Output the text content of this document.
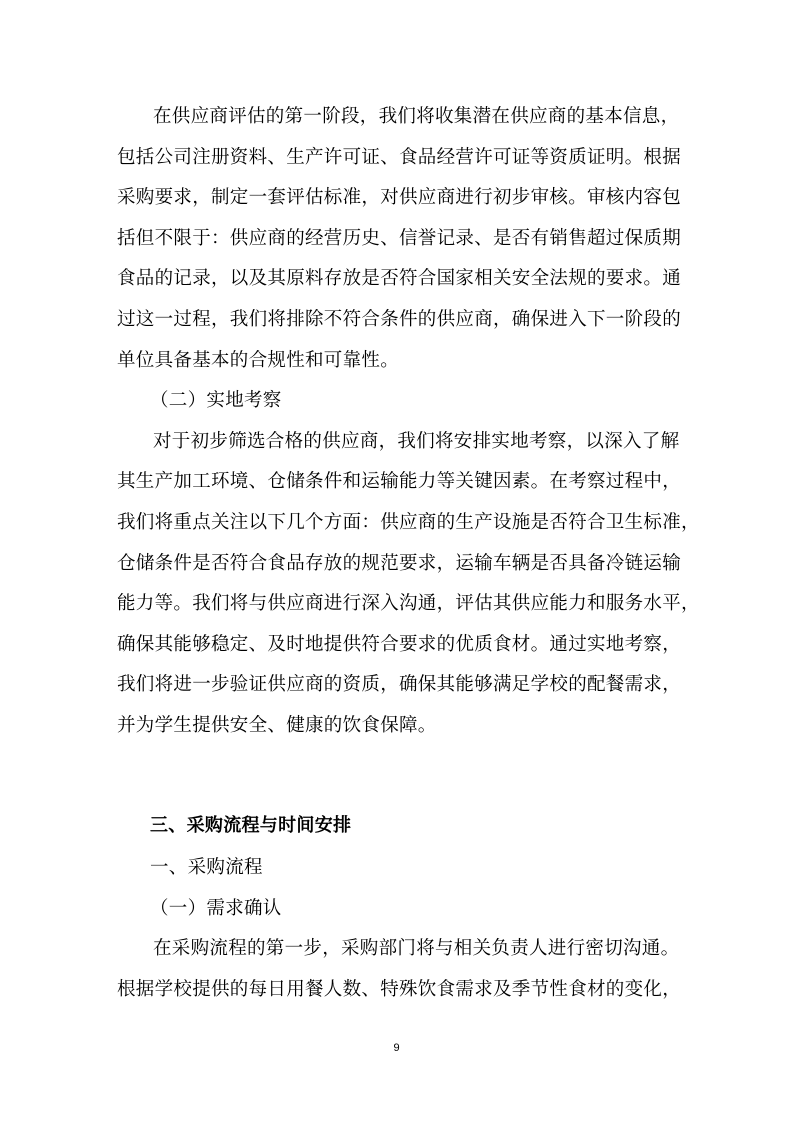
在供应商评估的第一阶段，我们将收集潜在供应商的基本信息，
包括公司注册资料、生产许可证、食品经营许可证等资质证明。根据
采购要求，制定一套评估标准，对供应商进行初步审核。审核内容包
括但不限于：供应商的经营历史、信誉记录、是否有销售超过保质期
食品的记录，以及其原料存放是否符合国家相关安全法规的要求。通
过这一过程，我们将排除不符合条件的供应商，确保进入下一阶段的
单位具备基本的合规性和可靠性。
（二）实地考察
对于初步筛选合格的供应商，我们将安排实地考察，以深入了解
其生产加工环境、仓储条件和运输能力等关键因素。在考察过程中，
我们将重点关注以下几个方面：供应商的生产设施是否符合卫生标准，
仓储条件是否符合食品存放的规范要求，运输车辆是否具备冷链运输
能力等。我们将与供应商进行深入沟通，评估其供应能力和服务水平，
确保其能够稳定、及时地提供符合要求的优质食材。通过实地考察，
我们将进一步验证供应商的资质，确保其能够满足学校的配餐需求，
并为学生提供安全、健康的饮食保障。
三、采购流程与时间安排
一、采购流程
（一）需求确认
在采购流程的第一步，采购部门将与相关负责人进行密切沟通。
根据学校提供的每日用餐人数、特殊饮食需求及季节性食材的变化，
9
